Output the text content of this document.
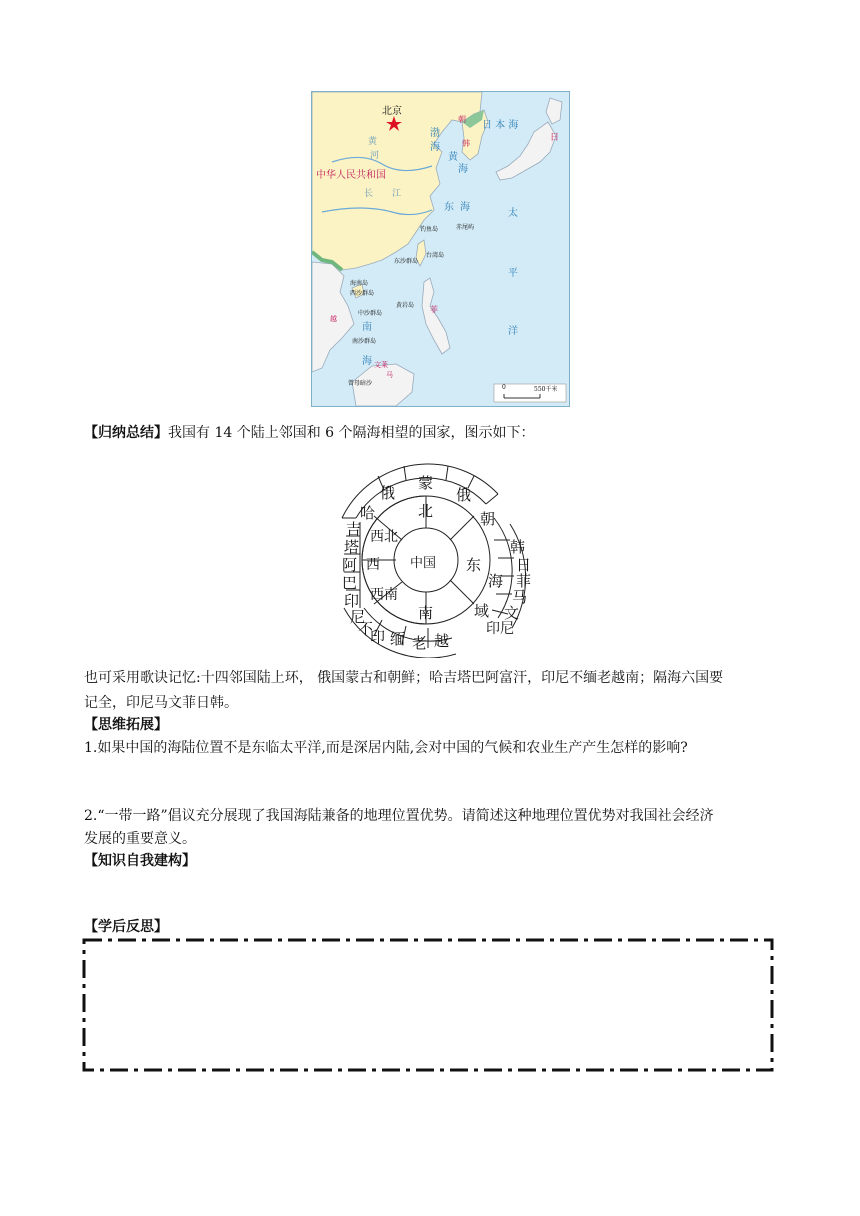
北京
中华人民共和国
黄
河
渤
海
黄
海
长 江
东 海
日 本 海
日
朝
韩
太
平
洋
钓鱼岛	赤尾屿
东沙群岛
台湾岛
海南岛
西沙群岛
黄岩岛
中沙群岛
南沙群岛
南
海
曾母暗沙
菲
文莱
马
越
0	550千米
【归纳总结】我国有 14 个陆上邻国和 6 个隔海相望的国家，图示如下：
中国
北
西北
西
西南
南
东
俄
蒙
俄
哈
吉
塔
阿
巴
印
尼
不
印 缅 老 越
朝
海
域
韩
日
菲
马
文
印尼
也可采用歌诀记忆:十四邻国陆上环， 俄国蒙古和朝鲜；哈吉塔巴阿富汗，印尼不缅老越南；隔海六国要
记全，印尼马文菲日韩。
【思维拓展】
1.如果中国的海陆位置不是东临太平洋,而是深居内陆,会对中国的气候和农业生产产生怎样的影响?
2.“一带一路”倡议充分展现了我国海陆兼备的地理位置优势。请简述这种地理位置优势对我国社会经济
发展的重要意义。
【知识自我建构】
【学后反思】
